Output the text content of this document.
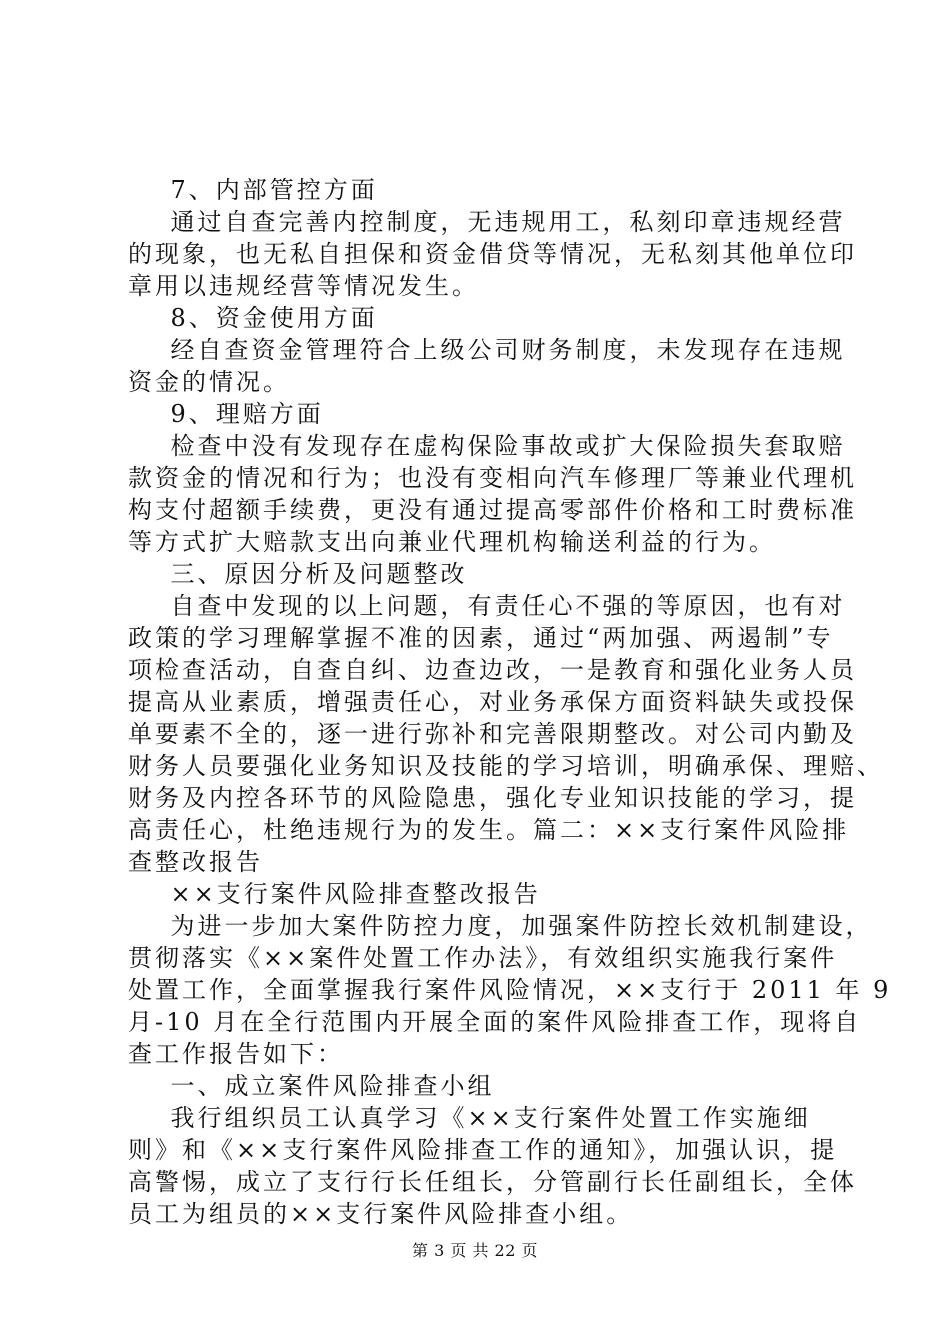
7、内部管控方面
通过自查完善内控制度，无违规用工，私刻印章违规经营
的现象，也无私自担保和资金借贷等情况，无私刻其他单位印
章用以违规经营等情况发生。
8、资金使用方面
经自查资金管理符合上级公司财务制度，未发现存在违规
资金的情况。
9、理赔方面
检查中没有发现存在虚构保险事故或扩大保险损失套取赔
款资金的情况和行为；也没有变相向汽车修理厂等兼业代理机
构支付超额手续费，更没有通过提高零部件价格和工时费标准
等方式扩大赔款支出向兼业代理机构输送利益的行为。
三、原因分析及问题整改
自查中发现的以上问题，有责任心不强的等原因，也有对
政策的学习理解掌握不准的因素，通过“两加强、两遏制”专
项检查活动，自查自纠、边查边改，一是教育和强化业务人员
提高从业素质，增强责任心，对业务承保方面资料缺失或投保
单要素不全的，逐一进行弥补和完善限期整改。对公司内勤及
财务人员要强化业务知识及技能的学习培训，明确承保、理赔、
财务及内控各环节的风险隐患，强化专业知识技能的学习，提
高责任心，杜绝违规行为的发生。篇二：××支行案件风险排
查整改报告
××支行案件风险排查整改报告
为进一步加大案件防控力度，加强案件防控长效机制建设，
贯彻落实《××案件处置工作办法》，有效组织实施我行案件
处置工作，全面掌握我行案件风险情况，××支行于 2011 年 9
月-10 月在全行范围内开展全面的案件风险排查工作，现将自
查工作报告如下：
一、成立案件风险排查小组
我行组织员工认真学习《××支行案件处置工作实施细
则》和《××支行案件风险排查工作的通知》，加强认识，提
高警惕，成立了支行行长任组长，分管副行长任副组长，全体
员工为组员的××支行案件风险排查小组。
第 3 页 共 22 页
